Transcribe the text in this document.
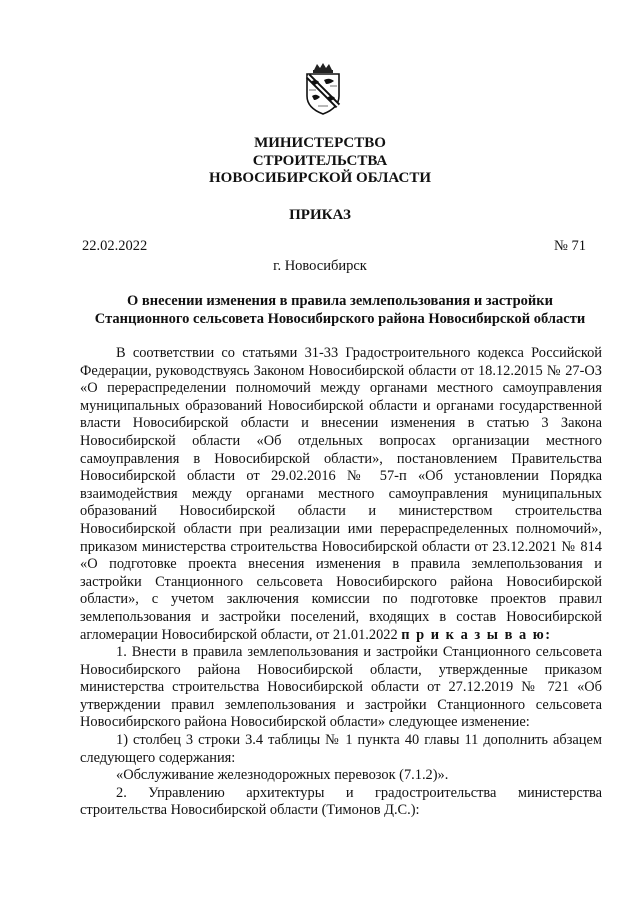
МИНИСТЕРСТВО
СТРОИТЕЛЬСТВА
НОВОСИБИРСКОЙ ОБЛАСТИ
ПРИКАЗ
22.02.2022	№ 71
г. Новосибирск
О внесении изменения в правила землепользования и застройки
Станционного сельсовета Новосибирского района Новосибирской области

В соответствии со статьями 31-33 Градостроительного кодекса Российской Федерации, руководствуясь Законом Новосибирской области от 18.12.2015 № 27-ОЗ «О перераспределении полномочий между органами местного самоуправления муниципальных образований Новосибирской области и органами государственной власти Новосибирской области и внесении изменения в статью 3 Закона Новосибирской области «Об отдельных вопросах организации местного самоуправления в Новосибирской области», постановлением Правительства Новосибирской области от 29.02.2016 № 57-п «Об установлении Порядка взаимодействия между органами местного самоуправления муниципальных образований Новосибирской области и министерством строительства Новосибирской области при реализации ими перераспределенных полномочий», приказом министерства строительства Новосибирской области от 23.12.2021 № 814 «О подготовке проекта внесения изменения в правила землепользования и застройки Станционного сельсовета Новосибирского района Новосибирской области», с учетом заключения комиссии по подготовке проектов правил землепользования и застройки поселений, входящих в состав Новосибирской агломерации Новосибирской области, от 21.01.2022 п р и к а з ы в а ю:

1. Внести в правила землепользования и застройки Станционного сельсовета Новосибирского района Новосибирской области, утвержденные приказом министерства строительства Новосибирской области от 27.12.2019 № 721 «Об утверждении правил землепользования и застройки Станционного сельсовета Новосибирского района Новосибирской области» следующее изменение:

1) столбец 3 строки 3.4 таблицы № 1 пункта 40 главы 11 дополнить абзацем следующего содержания:

«Обслуживание железнодорожных перевозок (7.1.2)».

2. Управлению архитектуры и градостроительства министерства строительства Новосибирской области (Тимонов Д.С.):
